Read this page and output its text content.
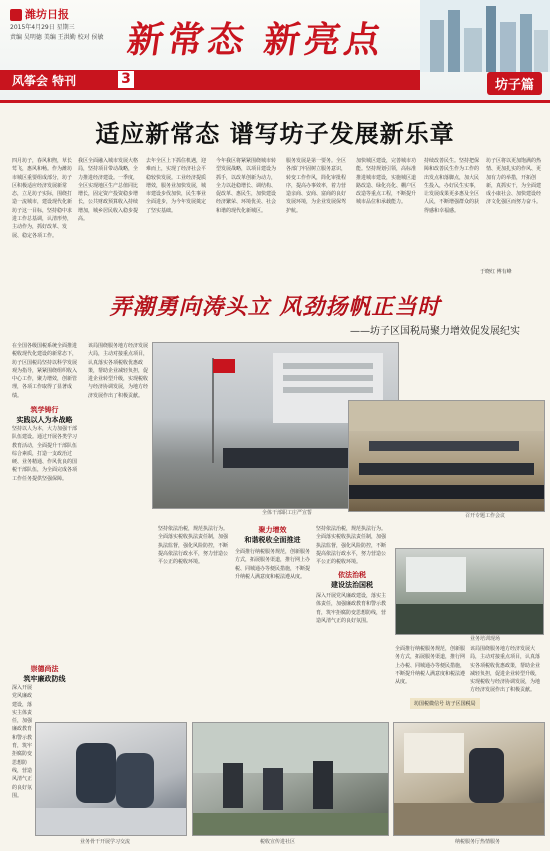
潍坊日报
2015年4月29日 星期三
责编 吴明德 美编 王洪勤 校对 侯敏 新常态 新亮点
风筝会 特刊	3	坊子篇
适应新常态 谱写坊子发展新乐章
四月坊子，春风和煦，草长莺飞，惠风和畅。作为潍坊市城区重要组成部分，坊子区积极适应经济发展新常态，立足坊子实际，围绕打造一流城市，建设现代化新坊子这一目标，坚持稳中求进工作总基调，认清形势，主动作为，抓好改革、发展、稳定各项工作。
我区全面融入城市发展大格局，坚持项目带动战略，全力推进经济建设。一季度，全区实现地区生产总值同比增长，固定资产投资稳步增长，公共财政预算收入持续增加，城乡居民收入稳步提高。
去年全区上下抓住机遇，迎难而上，实现了经济社会平稳较快发展。工业经济提质增效，服务业加快发展，城市建设步伐加快，民生事业全面进步，为今年发展奠定了坚实基础。
今年我区将紧紧围绕城市转型发展战略，以项目建设为抓手，以改革创新为动力，全力以赴稳增长、调结构、促改革、惠民生，加快建设经济繁荣、环境优美、社会和谐的现代化新城区。
服务发展是第一要务。全区各部门牢固树立服务意识，转变工作作风，简化审批程序，提高办事效率，着力营造亲商、安商、富商的良好发展环境，为企业发展保驾护航。
加快城区建设，完善城市功能。坚持规划引领，高标准推进城市建设，实施城区道路改造、绿化亮化、棚户区改造等重点工程，不断提升城市品位和承载能力。
持续改善民生。坚持把保障和改善民生作为工作的出发点和落脚点，加大民生投入，办好民生实事，让发展成果更多惠及全区人民，不断增强群众的获得感和幸福感。
坊子区将以更加饱满的热情、更加扎实的作风、更加有力的举措，开拓创新，真抓实干，为全面建成小康社会、加快建设经济文化强区而努力奋斗。
于晓红 傅有峰
弄潮勇向涛头立 风劲扬帆正当时
——坊子区国税局聚力增效促发展纪实
在全国各级国税系统全面推进税收现代化建设的新常态下，坊子区国税局坚持以科学发展观为指导，紧紧围绕组织收入中心工作，聚力增效，创新管理，各项工作取得了显著成绩。
筑学铸行
实践以人为本战略
坚持以人为本，大力加强干部队伍建设。通过开展各类学习教育活动，全面提升干部队伍综合素质，打造一支政治过硬、业务精通、作风优良的国税干部队伍，为全面完成各项工作任务提供坚强保障。
崇德尚法
筑牢廉政防线
深入开展党风廉政建设，落实主体责任，加强廉政教育和警示教育，筑牢拒腐防变思想防线，营造风清气正的良好氛围。
该局围绕服务地方经济发展大局，主动对接重点项目，认真落实各项税收优惠政策，帮助企业减轻负担，促进企业转型升级，实现税收与经济协调发展，为地方经济发展作出了积极贡献。
全体干部职工庄严宣誓	召开专题工作会议
坚持依法治税，规范执法行为。全面落实税收执法责任制，加强执法监督，强化风险防控，不断提高依法行政水平，努力营造公平公正的税收环境。
聚力增效
和谐税收全面推进
全面推行纳税服务规范，创新服务方式，拓展服务渠道，推行网上办税、同城通办等便民措施，不断提升纳税人满意度和税法遵从度。
坚持依法治税，规范执法行为。全面落实税收执法责任制，加强执法监督，强化风险防控，不断提高依法行政水平，努力营造公平公正的税收环境。
依法治税
建设法治国税
深入开展党风廉政建设，落实主体责任，加强廉政教育和警示教育，筑牢拒腐防变思想防线，营造风清气正的良好氛围。
业务培训现场
全面推行纳税服务规范，创新服务方式，拓展服务渠道，推行网上办税、同城通办等便民措施，不断提升纳税人满意度和税法遵从度。
该局围绕服务地方经济发展大局，主动对接重点项目，认真落实各项税收优惠政策，帮助企业减轻负担，促进企业转型升级，实现税收与经济协调发展，为地方经济发展作出了积极贡献。
坊国税微信号 坊子区国税局
业务骨干开展学习交流	税收宣传进社区	纳税服务厅热情服务
